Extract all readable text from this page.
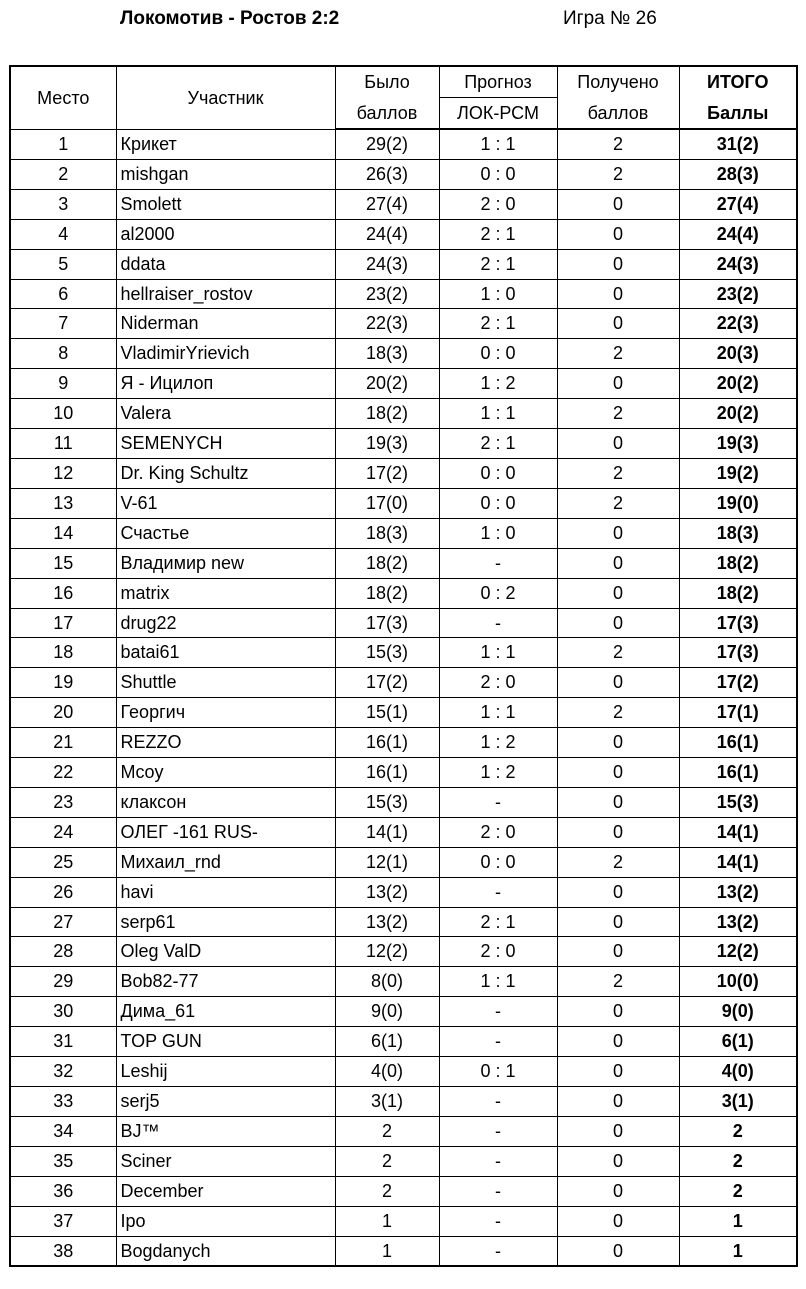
Локомотив - Ростов 2:2	Игра № 26
Место	Участник	Было	Прогноз	Получено	ИТОГО
		баллов	ЛОК-РСМ	баллов	Баллы
1	Крикет	29(2)	1 : 1	2	31(2)
2	mishgan	26(3)	0 : 0	2	28(3)
3	Smolett	27(4)	2 : 0	0	27(4)
4	al2000	24(4)	2 : 1	0	24(4)
5	ddata	24(3)	2 : 1	0	24(3)
6	hellraiser_rostov	23(2)	1 : 0	0	23(2)
7	Niderman	22(3)	2 : 1	0	22(3)
8	VladimirYrievich	18(3)	0 : 0	2	20(3)
9	Я - Ицилоп	20(2)	1 : 2	0	20(2)
10	Valera	18(2)	1 : 1	2	20(2)
11	SEMENYCH	19(3)	2 : 1	0	19(3)
12	Dr. King Schultz	17(2)	0 : 0	2	19(2)
13	V-61	17(0)	0 : 0	2	19(0)
14	Счастье	18(3)	1 : 0	0	18(3)
15	Владимир new	18(2)	-	0	18(2)
16	matrix	18(2)	0 : 2	0	18(2)
17	drug22	17(3)	-	0	17(3)
18	batai61	15(3)	1 : 1	2	17(3)
19	Shuttle	17(2)	2 : 0	0	17(2)
20	Георгич	15(1)	1 : 1	2	17(1)
21	REZZO	16(1)	1 : 2	0	16(1)
22	Mcoy	16(1)	1 : 2	0	16(1)
23	клаксон	15(3)	-	0	15(3)
24	ОЛЕГ -161 RUS-	14(1)	2 : 0	0	14(1)
25	Михаил_rnd	12(1)	0 : 0	2	14(1)
26	havi	13(2)	-	0	13(2)
27	serp61	13(2)	2 : 1	0	13(2)
28	Oleg ValD	12(2)	2 : 0	0	12(2)
29	Bob82-77	8(0)	1 : 1	2	10(0)
30	Дима_61	9(0)	-	0	9(0)
31	TOP GUN	6(1)	-	0	6(1)
32	Leshij	4(0)	0 : 1	0	4(0)
33	serj5	3(1)	-	0	3(1)
34	BJ™	2	-	0	2
35	Sciner	2	-	0	2
36	December	2	-	0	2
37	Ipo	1	-	0	1
38	Bogdanych	1	-	0	1
